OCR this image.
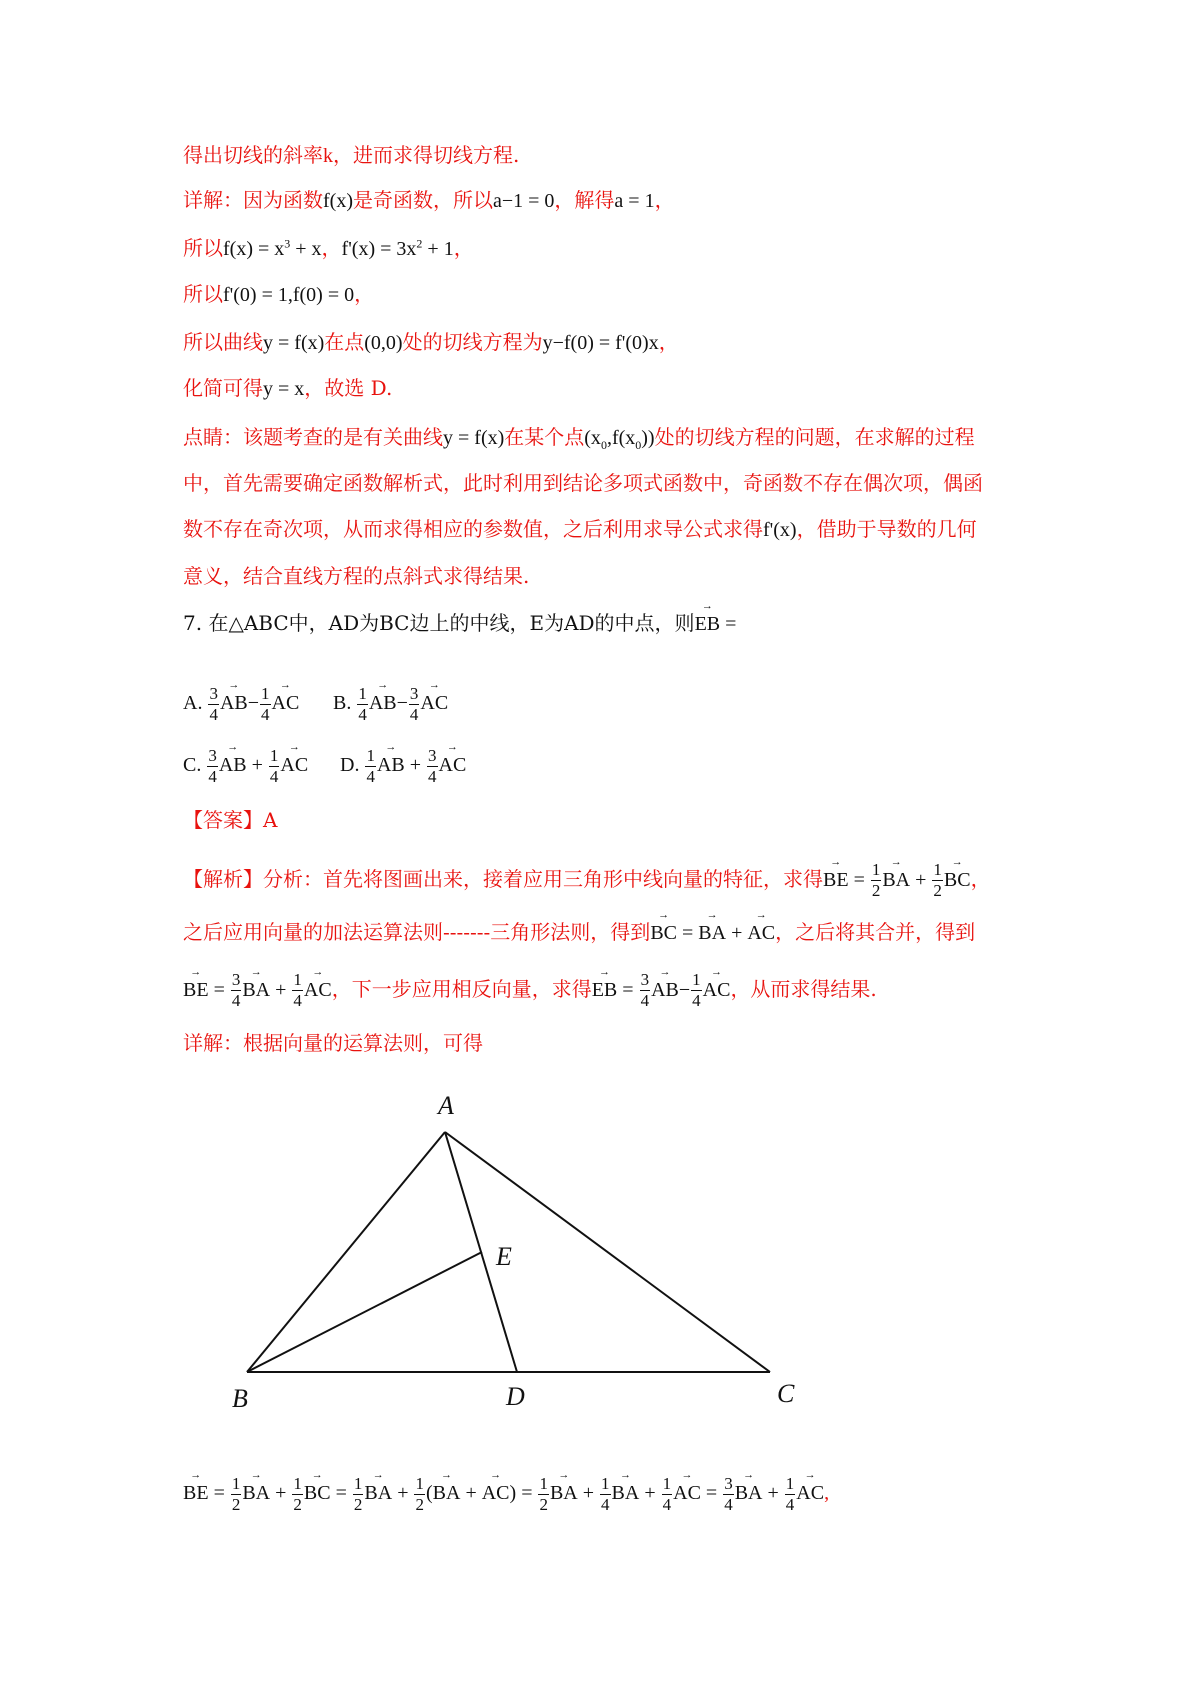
得出切线的斜率k，进而求得切线方程.
详解：因为函数f(x)是奇函数，所以a−1 = 0，解得a = 1，
所以$f(x) = x^3 + x$，$f'(x) = 3x^2 + 1$，
所以f'(0) = 1,f(0) = 0，
所以曲线y = f(x)在点(0,0)处的切线方程为y−f(0) = f'(0)x，
化简可得y = x，故选 D.
点睛：该题考查的是有关曲线y = f(x)在某个点$(x_0,f(x_0))$处的切线方程的问题，在求解的过程
中，首先需要确定函数解析式，此时利用到结论多项式函数中，奇函数不存在偶次项，偶函
数不存在奇次项，从而求得相应的参数值，之后利用求导公式求得f'(x)，借助于导数的几何
意义，结合直线方程的点斜式求得结果.
7. 在△ABC中，AD为BC边上的中线，E为AD的中点，则→ EB =
A. $\frac{3}{4}$
→ $AB- \frac{1}{4}$
→ AC	B. $\frac{1}{4}$
→ $AB- \frac{3}{4}$
→ AC
C. $\frac{3}{4}$
→ AB + $\frac{1}{4}$
→ AC	D. $\frac{1}{4}$
→ AB + $\frac{3}{4}$
→ AC
【答案】A
【解析】分析：首先将图画出来，接着应用三角形中线向量的特征，求得→ BE = $\frac{1}{2}$
→ BA + $\frac{1}{2}$
→ BC，
之后应用向量的加法运算法则-------三角形法则，得到→ BC = → BA + → AC，之后将其合并，得到
→ BE = $\frac{3}{4}$
→ BA + $\frac{1}{4}$
→ AC，下一步应用相反向量，求得→ EB = $\frac{3}{4}$
→ $AB- \frac{1}{4}$
→ AC，从而求得结果.
详解：根据向量的运算法则，可得
A
B	C
D
E
→ BE = $\frac{1}{2}$
→ BA + $\frac{1}{2}$
→ BC = $\frac{1}{2}$
→ BA + $\frac{1}{2}$ (→ BA + → $AC) = \frac{1}{2}$
→ BA + $\frac{1}{4}$
→ BA + $\frac{1}{4}$
→ AC = $\frac{3}{4}$
→ BA + $\frac{1}{4}$
→ AC,
